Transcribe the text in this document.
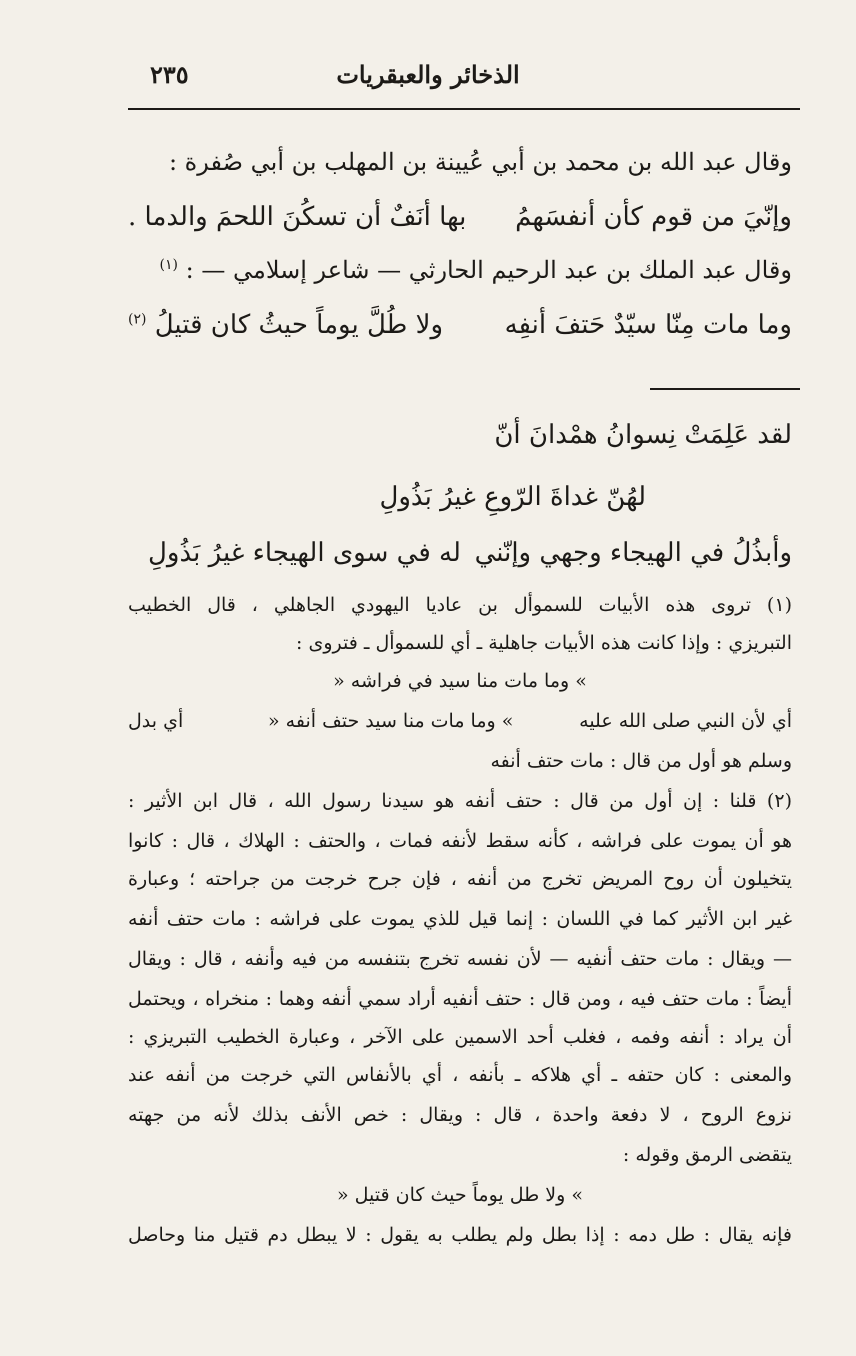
الذخائر والعبقريات
٢٣٥
وقال عبد الله بن محمد بن أبي عُيينة بن المهلب بن أبي صُفرة :
وإنّيَ من قوم كأن أنفسَهمُ
بها أنَفٌ أن تسكُنَ اللحمَ والدما .
وقال عبد الملك بن عبد الرحيم الحارثي — شاعر إسلامي — : $^{(١)}$
وما مات مِنّا سيّدٌ حَتفَ أنفِه
ولا طُلَّ يوماً حيثُ كان قتيلُ $^{(٢)}$
لقد عَلِمَتْ نِسوانُ همْدانَ أنّ
لهُنّ غداةَ الرّوعِ غيرُ بَذُولِ
وأبذُلُ في الهيجاء وجهي وإنّني
له في سوى الهيجاء غيرُ بَذُولِ
(١) تروى هذه الأبيات للسموأل بن عاديا اليهودي الجاهلي ، قال الخطيب
التبريزي : وإذا كانت هذه الأبيات جاهلية ـ أي للسموأل ـ فتروى :
» وما مات منا سيد في فراشه «
أي بدل	» وما مات منا سيد حتف أنفه «	أي لأن النبي صلى الله عليه
وسلم هو أول من قال : مات حتف أنفه
(٢) قلنا : إن أول من قال : حتف أنفه هو سيدنا رسول الله ، قال ابن الأثير :
هو أن يموت على فراشه ، كأنه سقط لأنفه فمات ، والحتف : الهلاك ، قال : كانوا
يتخيلون أن روح المريض تخرج من أنفه ، فإن جرح خرجت من جراحته ؛ وعبارة
غير ابن الأثير كما في اللسان : إنما قيل للذي يموت على فراشه : مات حتف أنفه
— ويقال : مات حتف أنفيه — لأن نفسه تخرج بتنفسه من فيه وأنفه ، قال : ويقال
أيضاً : مات حتف فيه ، ومن قال : حتف أنفيه أراد سمي أنفه وهما : منخراه ، ويحتمل
أن يراد : أنفه وفمه ، فغلب أحد الاسمين على الآخر ، وعبارة الخطيب التبريزي :
والمعنى : كان حتفه ـ أي هلاكه ـ بأنفه ، أي بالأنفاس التي خرجت من أنفه عند
نزوع الروح ، لا دفعة واحدة ، قال : ويقال : خص الأنف بذلك لأنه من جهته
يتقضى الرمق وقوله :
» ولا طل يوماً حيث كان قتيل «
فإنه يقال : طل دمه : إذا بطل ولم يطلب به يقول : لا يبطل دم قتيل منا وحاصل
